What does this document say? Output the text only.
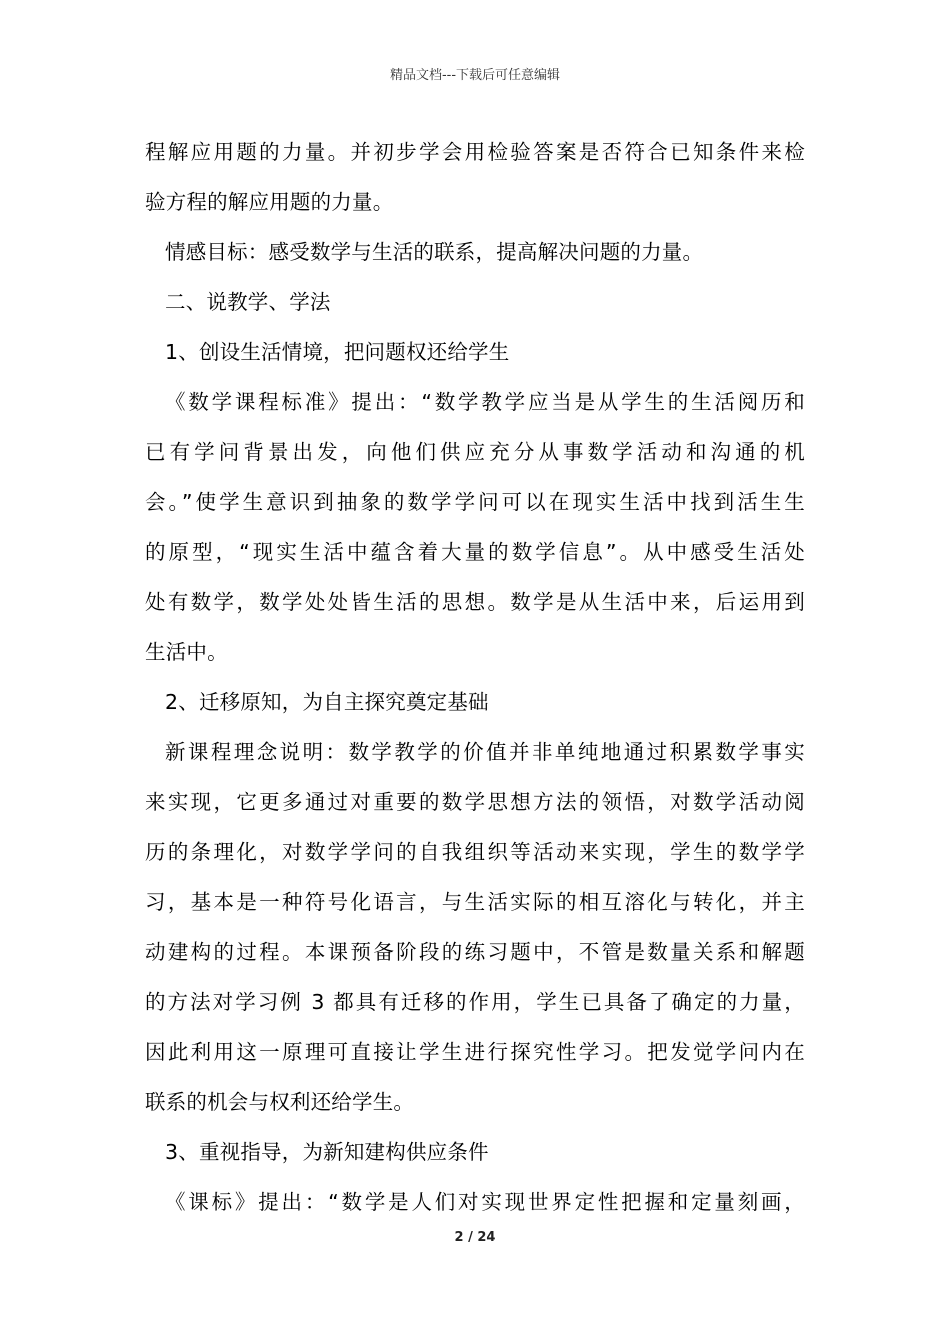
精品文档---下载后可任意编辑
程解应用题的力量。并初步学会用检验答案是否符合已知条件来检
验方程的解应用题的力量。
情感目标：感受数学与生活的联系，提高解决问题的力量。
二、说教学、学法
1、创设生活情境，把问题权还给学生
《数学课程标准》提出：“数学教学应当是从学生的生活阅历和
已有学问背景出发，向他们供应充分从事数学活动和沟通的机
会。”使学生意识到抽象的数学学问可以在现实生活中找到活生生
的原型，“现实生活中蕴含着大量的数学信息”。从中感受生活处
处有数学，数学处处皆生活的思想。数学是从生活中来，后运用到
生活中。
2、迁移原知，为自主探究奠定基础
新课程理念说明：数学教学的价值并非单纯地通过积累数学事实
来实现，它更多通过对重要的数学思想方法的领悟，对数学活动阅
历的条理化，对数学学问的自我组织等活动来实现，学生的数学学
习，基本是一种符号化语言，与生活实际的相互溶化与转化，并主
动建构的过程。本课预备阶段的练习题中，不管是数量关系和解题
的方法对学习例 3 都具有迁移的作用，学生已具备了确定的力量，
因此利用这一原理可直接让学生进行探究性学习。把发觉学问内在
联系的机会与权利还给学生。
3、重视指导，为新知建构供应条件
《课标》提出：“数学是人们对实现世界定性把握和定量刻画，
2 / 24
